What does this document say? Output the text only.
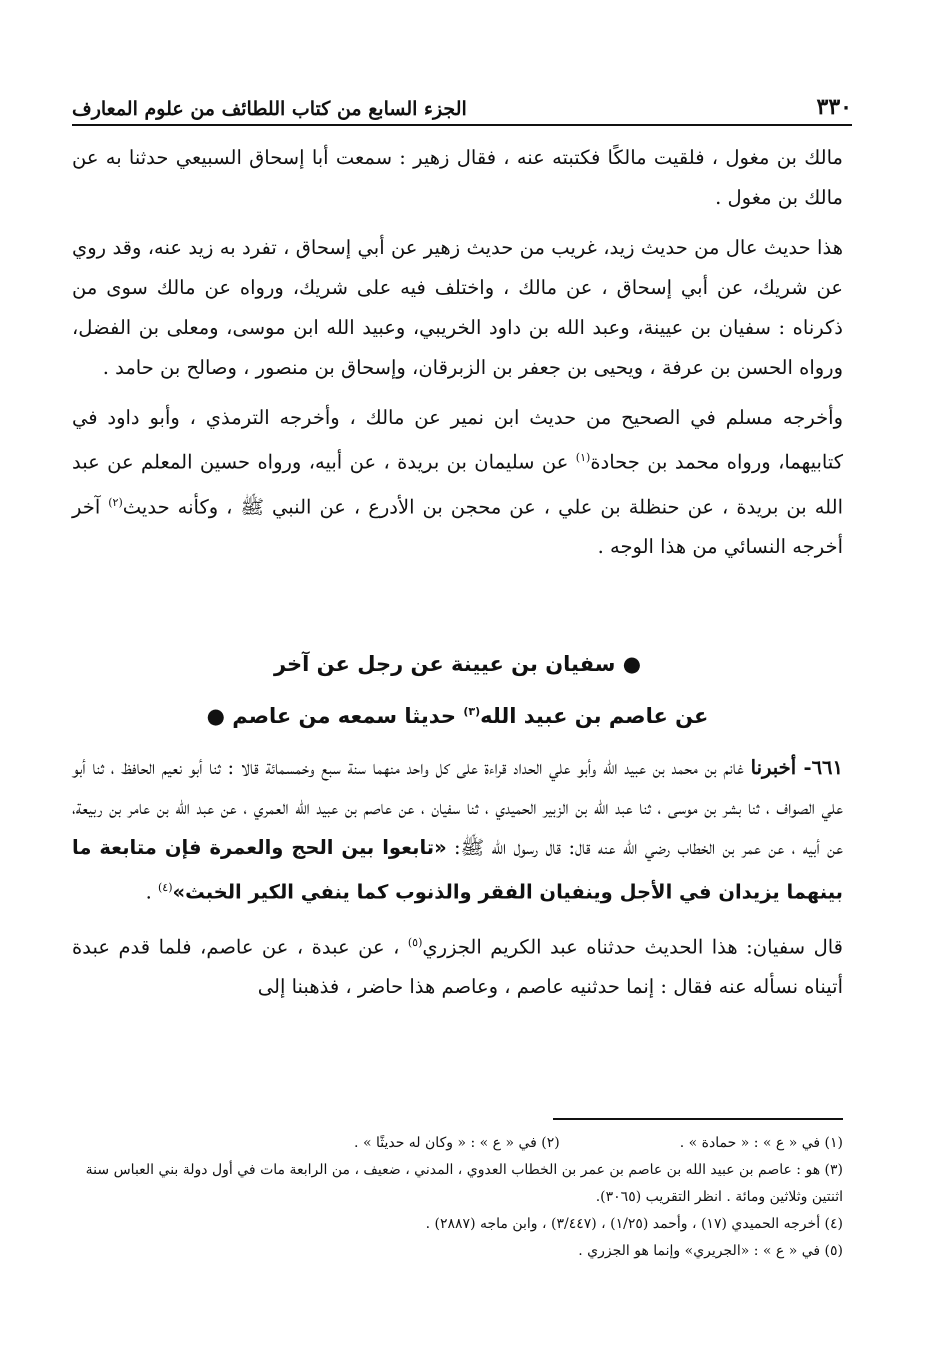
٣٣٠
الجزء السابع من كتاب اللطائف من علوم المعارف

مالك بن مغول ، فلقيت مالكًا فكتبته عنه ، فقال زهير : سمعت أبا إسحاق السبيعي حدثنا به عن مالك بن مغول .

هذا حديث عال من حديث زيد، غريب من حديث زهير عن أبي إسحاق ، تفرد به زيد عنه، وقد روي عن شريك، عن أبي إسحاق ، عن مالك ، واختلف فيه على شريك، ورواه عن مالك سوى من ذكرناه : سفيان بن عيينة، وعبد الله بن داود الخريبي، وعبيد الله ابن موسى، ومعلى بن الفضل، ورواه الحسن بن عرفة ، ويحيى بن جعفر بن الزبرقان، وإسحاق بن منصور ، وصالح بن حامد .

وأخرجه مسلم في الصحيح من حديث ابن نمير عن مالك ، وأخرجه الترمذي ، وأبو داود في كتابيهما، ورواه محمد بن جحادة$^{(١)}$ عن سليمان بن بريدة ، عن أبيه، ورواه حسين المعلم عن عبد الله بن بريدة ، عن حنظلة بن علي ، عن محجن بن الأدرع ، عن النبي ﷺ ، وكأنه حديث$^{(٢)}$ آخر أخرجه النسائي من هذا الوجه .

● سفيان بن عيينة عن رجل عن آخر
عن عاصم بن عبيد الله$^{(٣)}$ حديثا سمعه من عاصم ●

٦٦١- أخبرنا غانم بن محمد بن عبيد الله وأبو علي الحداد قراءة على كل واحد منهما سنة سبع وخمسمائة قالا : ثنا أبو نعيم الحافظ ، ثنا أبو علي الصواف ، ثنا بشر بن موسى ، ثنا عبد الله بن الزبير الحميدي ، ثنا سفيان ، عن عاصم بن عبيد الله العمري ، عن عبد الله بن عامر بن ربيعة، عن أبيه ، عن عمر بن الخطاب رضي الله عنه قال: قال رسول الله ﷺ: «تابعوا بين الحج والعمرة فإن متابعة ما بينهما يزيدان في الأجل وينفيان الفقر والذنوب كما ينفي الكير الخبث»$^{(٤)}$ .

قال سفيان: هذا الحديث حدثناه عبد الكريم الجزري$^{(٥)}$ ، عن عبدة ، عن عاصم، فلما قدم عبدة أتيناه نسأله عنه فقال : إنما حدثنيه عاصم ، وعاصم هذا حاضر ، فذهبنا إلى

(١) في « ع » : « حمادة » .
(٢) في « ع » : « وكان له حديثًا » .
(٣) هو : عاصم بن عبيد الله بن عاصم بن عمر بن الخطاب العدوي ، المدني ، ضعيف ، من الرابعة مات في أول دولة بني العباس سنة اثنتين وثلاثين ومائة . انظر التقريب (٣٠٦٥).
(٤) أخرجه الحميدي (١٧) ، وأحمد (١/٢٥) ، (٣/٤٤٧) ، وابن ماجه (٢٨٨٧) .
(٥) في « ع » : «الجريري» وإنما هو الجزري .
